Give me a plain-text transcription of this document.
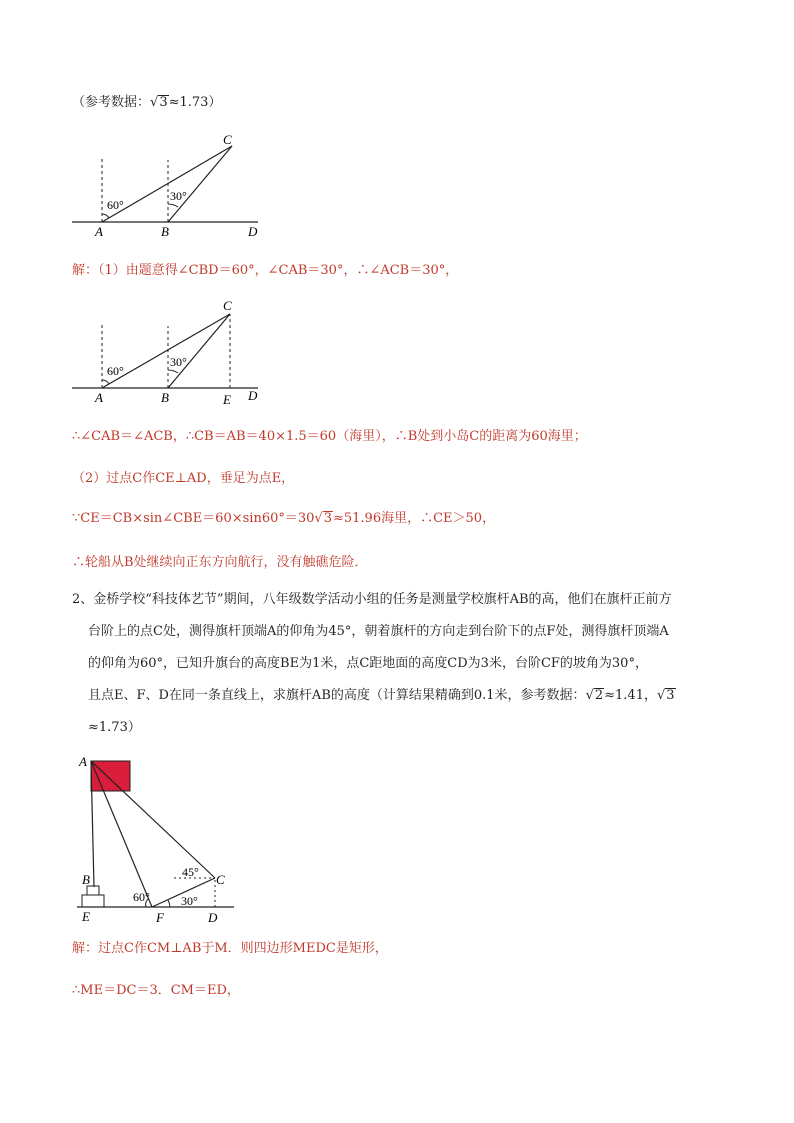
（参考数据：√3≈1.73）
60°
30°
C
A	B	D
解：（1）由题意得∠CBD＝60°，∠CAB＝30°，∴∠ACB＝30°，
60°
30°
C
A	B	E D
∴∠CAB＝∠ACB，∴CB＝AB＝40×1.5＝60（海里），∴B处到小岛C的距离为60海里；
（2）过点C作CE⊥AD，垂足为点E，
∵CE＝CB×sin∠CBE＝60×sin60°＝30√3≈51.96海里，∴CE＞50，
∴轮船从B处继续向正东方向航行，没有触礁危险．
2、金桥学校“科技体艺节”期间，八年级数学活动小组的任务是测量学校旗杆AB的高，他们在旗杆正前方
台阶上的点C处，测得旗杆顶端A的仰角为45°，朝着旗杆的方向走到台阶下的点F处，测得旗杆顶端A
的仰角为60°，已知升旗台的高度BE为1米，点C距地面的高度CD为3米，台阶CF的坡角为30°，
且点E、F、D在同一条直线上，求旗杆AB的高度（计算结果精确到0.1米，参考数据：√2≈1.41，√3
≈1.73）
A
B
E	F	D
C
45°
60°	30°
解：过点C作CM⊥AB于M．则四边形MEDC是矩形，
∴ME＝DC＝3．CM＝ED，
